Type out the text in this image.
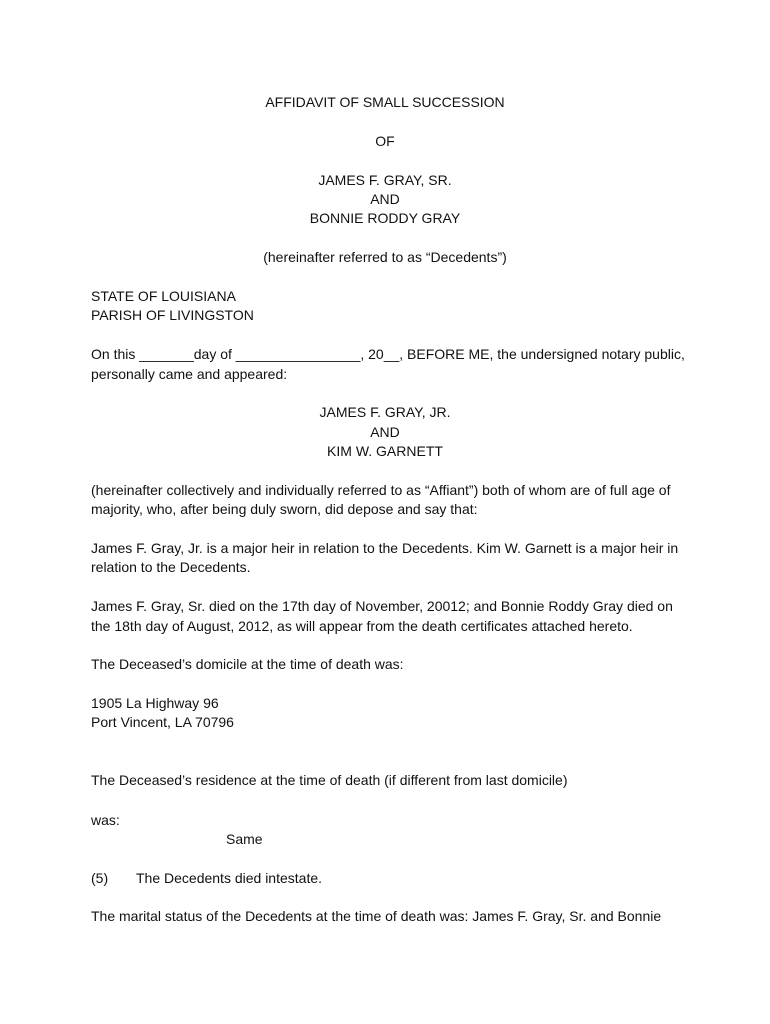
AFFIDAVIT OF SMALL SUCCESSION
OF
JAMES F. GRAY, SR.
AND
BONNIE RODDY GRAY
(hereinafter referred to as “Decedents”)
STATE OF LOUISIANA
PARISH OF LIVINGSTON
On this _______day of ________________, 20__, BEFORE ME, the undersigned notary public,
personally came and appeared:
JAMES F. GRAY, JR.
AND
KIM W. GARNETT
(hereinafter collectively and individually referred to as “Affiant”) both of whom are of full age of
majority, who, after being duly sworn, did depose and say that:
James F. Gray, Jr. is a major heir in relation to the Decedents. Kim W. Garnett is a major heir in
relation to the Decedents.
James F. Gray, Sr. died on the 17th day of November, 20012; and Bonnie Roddy Gray died on
the 18th day of August, 2012, as will appear from the death certificates attached hereto.
The Deceased’s domicile at the time of death was:
1905 La Highway 96
Port Vincent, LA 70796
The Deceased’s residence at the time of death (if different from last domicile)
was:
Same
(5) The Decedents died intestate.
The marital status of the Decedents at the time of death was: James F. Gray, Sr. and Bonnie
